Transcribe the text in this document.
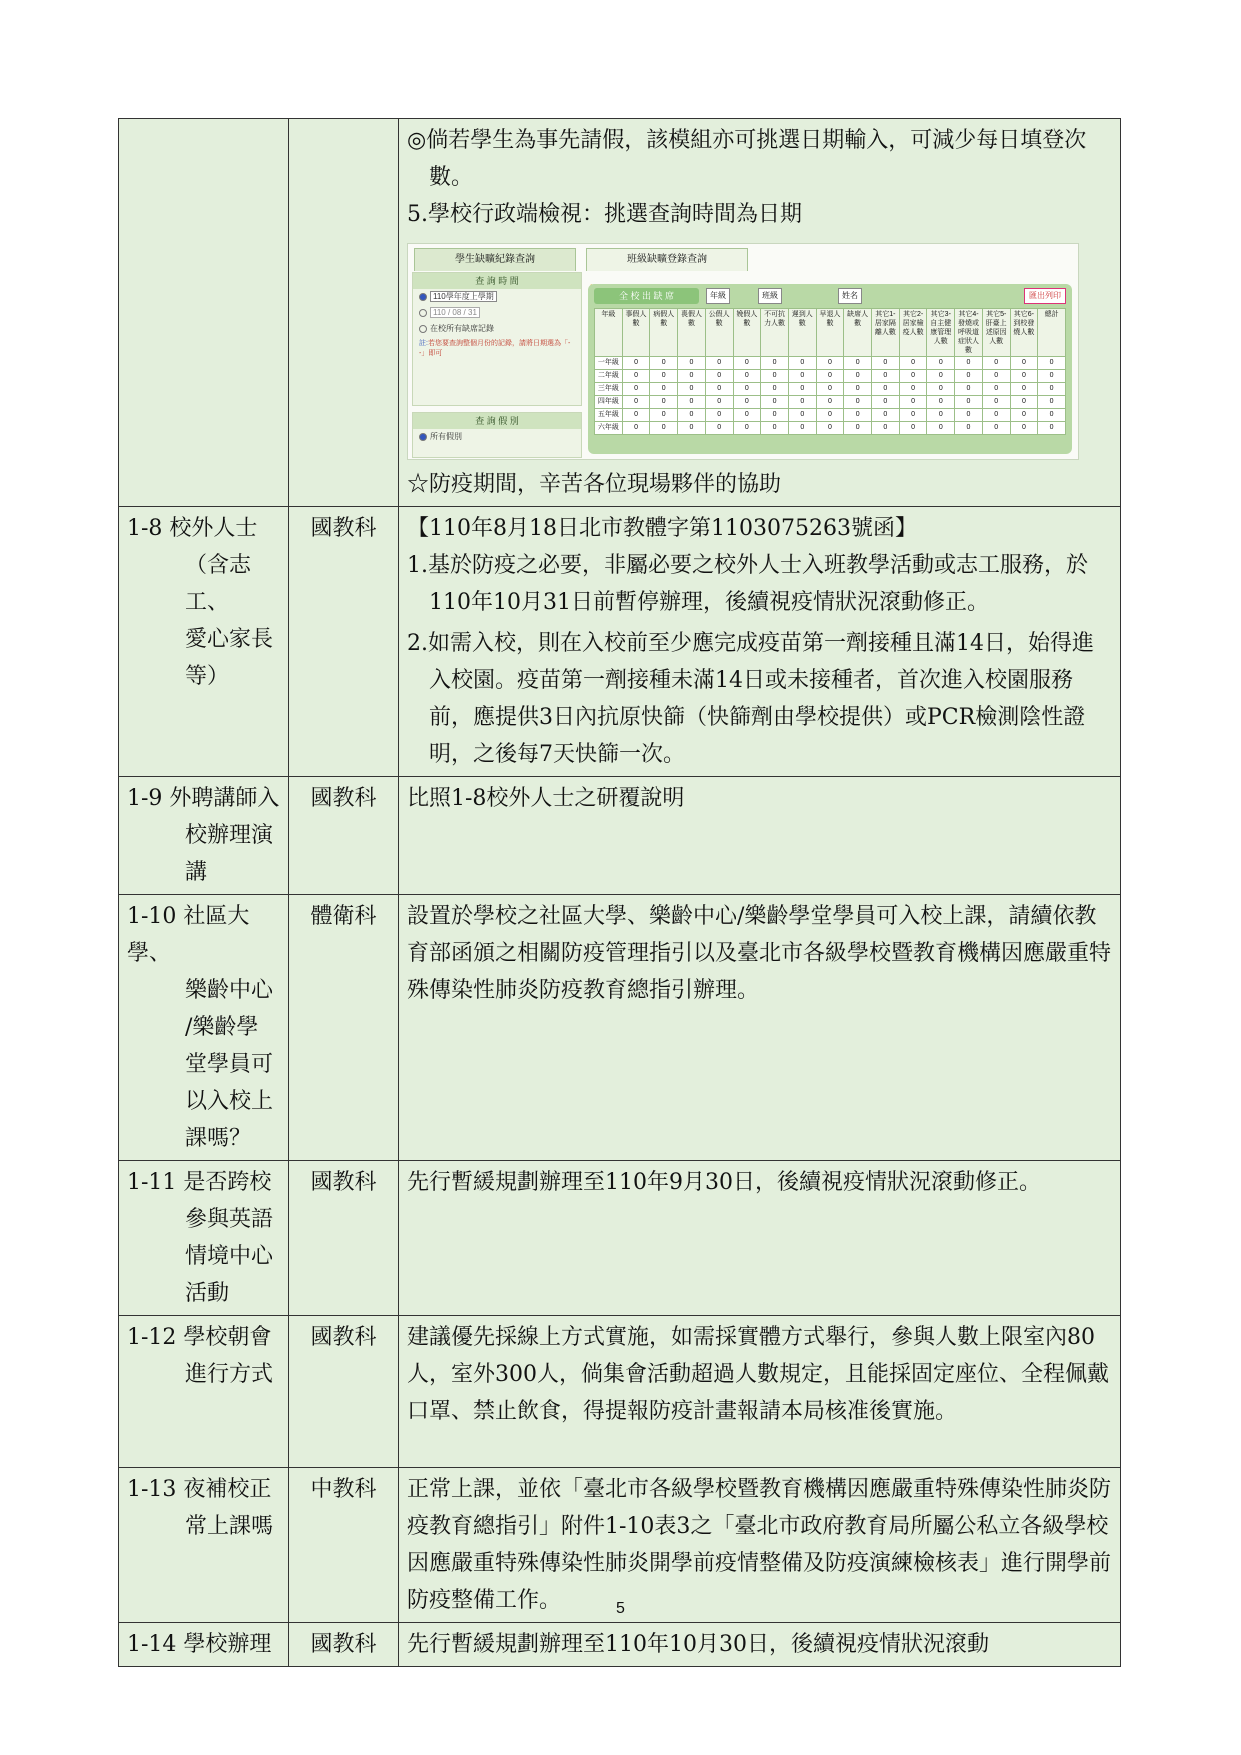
◎倘若學生為事先請假，該模組亦可挑選日期輸入，可減少每日填登次數。

5.學校行政端檢視：挑選查詢時間為日期

學生缺曠紀錄查詢	班級缺曠登錄查詢
查 詢 時 間
110學年度上學期
110 / 08 / 31
在校所有缺席記錄
註:若您要查詢整個月份的記錄，請將日期選為「--」即可
查 詢 假 別
所有假別
全 校 出 缺 席	年級	班級	姓名	匯出列印
年級	事假人數	病假人數	喪假人數	公假人數	娩假人數	不可抗力人數	遲到人數	早退人數	缺席人數	其它1-居家隔離人數	其它2-居家檢疫人數	其它3-自主健康管理人數	其它4-發燒或呼吸道症狀人數	其它5-肝臺上述原因人數	其它6-到校發燒人數	總計
一年級	0	0	0	0	0	0	0	0	0	0	0	0	0	0	0	0
二年級	0	0	0	0	0	0	0	0	0	0	0	0	0	0	0	0
三年級	0	0	0	0	0	0	0	0	0	0	0	0	0	0	0	0
四年級	0	0	0	0	0	0	0	0	0	0	0	0	0	0	0	0
五年級	0	0	0	0	0	0	0	0	0	0	0	0	0	0	0	0
六年級	0	0	0	0	0	0	0	0	0	0	0	0	0	0	0	0

☆防疫期間，辛苦各位現場夥伴的協助

1-8 校外人士
（含志工、
愛心家長
等）
	國教科	【110年8月18日北市教體字第1103075263號函】

1.基於防疫之必要，非屬必要之校外人士入班教學活動或志工服務，於110年10月31日前暫停辦理，後續視疫情狀況滾動修正。

2.如需入校，則在入校前至少應完成疫苗第一劑接種且滿14日，始得進入校園。疫苗第一劑接種未滿14日或未接種者，首次進入校園服務前，應提供3日內抗原快篩（快篩劑由學校提供）或PCR檢測陰性證明，之後每7天快篩一次。

1-9 外聘講師入
校辦理演講
	國教科	比照1-8校外人士之研覆說明

1-10 社區大學、
樂齡中心
/樂齡學
堂學員可
以入校上
課嗎？
	體衛科	設置於學校之社區大學、樂齡中心/樂齡學堂學員可入校上課，請續依教育部函頒之相關防疫管理指引以及臺北市各級學校暨教育機構因應嚴重特殊傳染性肺炎防疫教育總指引辦理。

1-11 是否跨校
參與英語
情境中心
活動
	國教科	先行暫緩規劃辦理至110年9月30日，後續視疫情狀況滾動修正。

1-12 學校朝會
進行方式
	國教科	建議優先採線上方式實施，如需採實體方式舉行，參與人數上限室內80人，室外300人，倘集會活動超過人數規定，且能採固定座位、全程佩戴口罩、禁止飲食，得提報防疫計畫報請本局核准後實施。

1-13 夜補校正
常上課嗎
	中教科	正常上課，並依「臺北市各級學校暨教育機構因應嚴重特殊傳染性肺炎防疫教育總指引」附件1-10表3之「臺北市政府教育局所屬公私立各級學校因應嚴重特殊傳染性肺炎開學前疫情整備及防疫演練檢核表」進行開學前防疫整備工作。

1-14 學校辦理	國教科	先行暫緩規劃辦理至110年10月30日，後續視疫情狀況滾動

5
